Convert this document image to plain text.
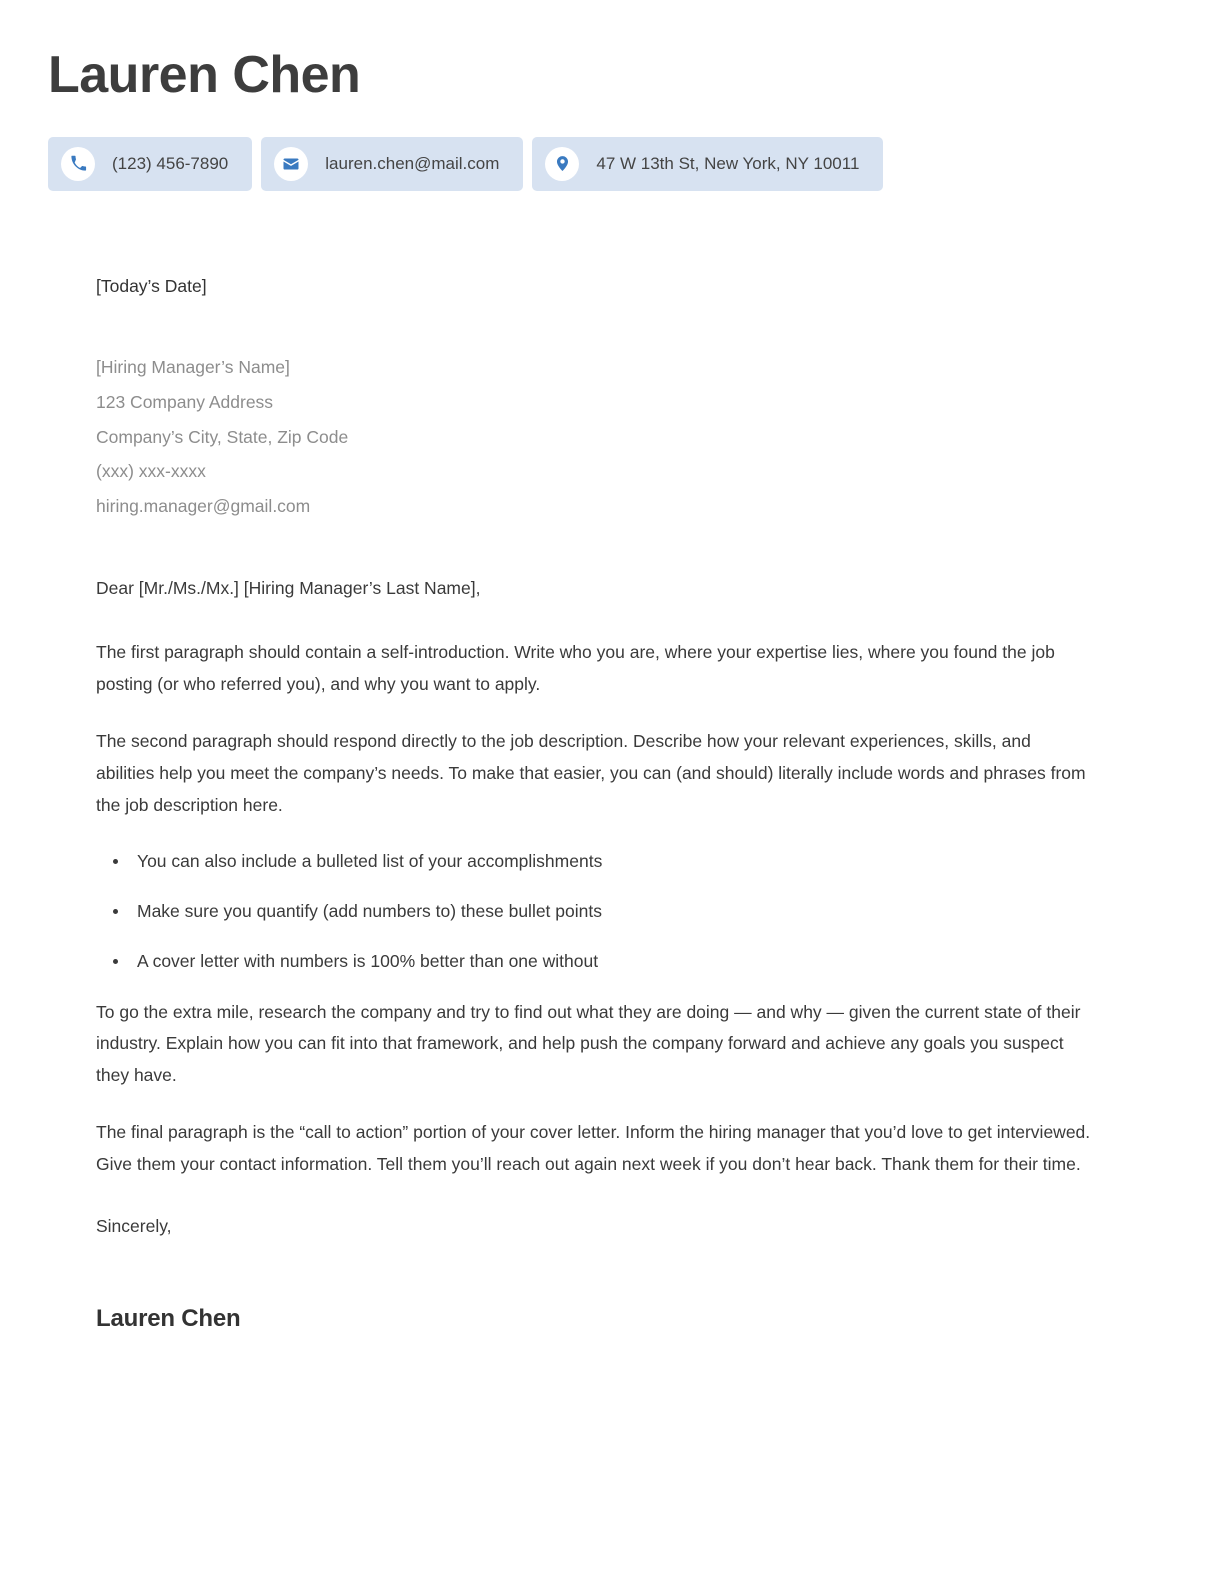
Lauren Chen
(123) 456-7890	lauren.chen@mail.com	47 W 13th St, New York, NY 10011

[Today’s Date]

[Hiring Manager’s Name]

123 Company Address

Company’s City, State, Zip Code

(xxx) xxx-xxxx

hiring.manager@gmail.com

Dear [Mr./Ms./Mx.] [Hiring Manager’s Last Name],

The first paragraph should contain a self-introduction. Write who you are, where your expertise lies, where you found the job posting (or who referred you), and why you want to apply.

The second paragraph should respond directly to the job description. Describe how your relevant experiences, skills, and abilities help you meet the company’s needs. To make that easier, you can (and should) literally include words and phrases from the job description here.

You can also include a bulleted list of your accomplishments
Make sure you quantify (add numbers to) these bullet points
A cover letter with numbers is 100% better than one without

To go the extra mile, research the company and try to find out what they are doing — and why — given the current state of their industry. Explain how you can fit into that framework, and help push the company forward and achieve any goals you suspect they have.

The final paragraph is the “call to action” portion of your cover letter. Inform the hiring manager that you’d love to get interviewed. Give them your contact information. Tell them you’ll reach out again next week if you don’t hear back. Thank them for their time.

Sincerely,

Lauren Chen
